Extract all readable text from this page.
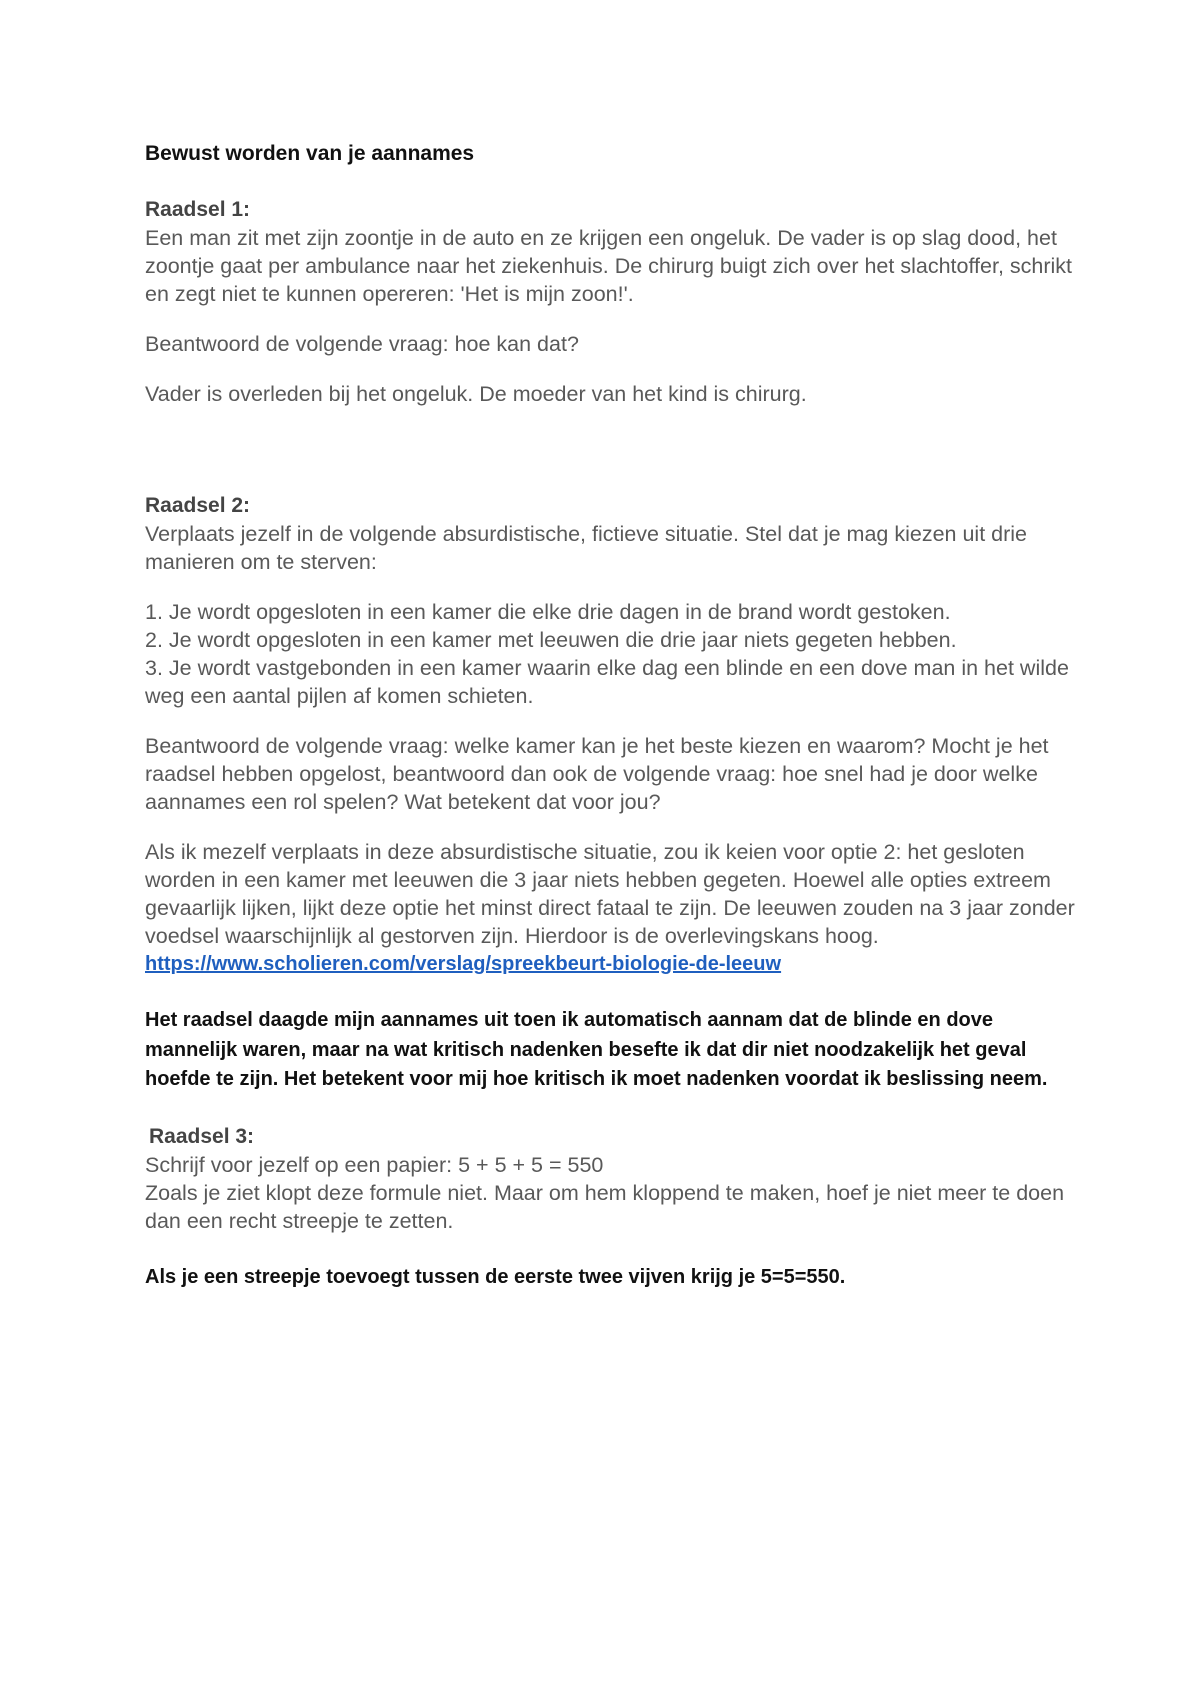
Bewust worden van je aannames

Raadsel 1:

Een man zit met zijn zoontje in de auto en ze krijgen een ongeluk. De vader is op slag dood, het zoontje gaat per ambulance naar het ziekenhuis. De chirurg buigt zich over het slachtoffer, schrikt en zegt niet te kunnen opereren: 'Het is mijn zoon!'.

Beantwoord de volgende vraag: hoe kan dat?

Vader is overleden bij het ongeluk. De moeder van het kind is chirurg.

Raadsel 2:

Verplaats jezelf in de volgende absurdistische, fictieve situatie. Stel dat je mag kiezen uit drie manieren om te sterven:

1. Je wordt opgesloten in een kamer die elke drie dagen in de brand wordt gestoken.

2. Je wordt opgesloten in een kamer met leeuwen die drie jaar niets gegeten hebben.

3. Je wordt vastgebonden in een kamer waarin elke dag een blinde en een dove man in het wilde weg een aantal pijlen af komen schieten.

Beantwoord de volgende vraag: welke kamer kan je het beste kiezen en waarom? Mocht je het raadsel hebben opgelost, beantwoord dan ook de volgende vraag: hoe snel had je door welke aannames een rol spelen? Wat betekent dat voor jou?

Als ik mezelf verplaats in deze absurdistische situatie, zou ik keien voor optie 2: het gesloten worden in een kamer met leeuwen die 3 jaar niets hebben gegeten. Hoewel alle opties extreem gevaarlijk lijken, lijkt deze optie het minst direct fataal te zijn. De leeuwen zouden na 3 jaar zonder voedsel waarschijnlijk al gestorven zijn. Hierdoor is de overlevingskans hoog.

https://www.scholieren.com/verslag/spreekbeurt-biologie-de-leeuw

Het raadsel daagde mijn aannames uit toen ik automatisch aannam dat de blinde en dove mannelijk waren, maar na wat kritisch nadenken besefte ik dat dir niet noodzakelijk het geval hoefde te zijn. Het betekent voor mij hoe kritisch ik moet nadenken voordat ik beslissing neem.

Raadsel 3:

Schrijf voor jezelf op een papier: 5 + 5 + 5 = 550

Zoals je ziet klopt deze formule niet. Maar om hem kloppend te maken, hoef je niet meer te doen dan een recht streepje te zetten.

Als je een streepje toevoegt tussen de eerste twee vijven krijg je 5=5=550.
